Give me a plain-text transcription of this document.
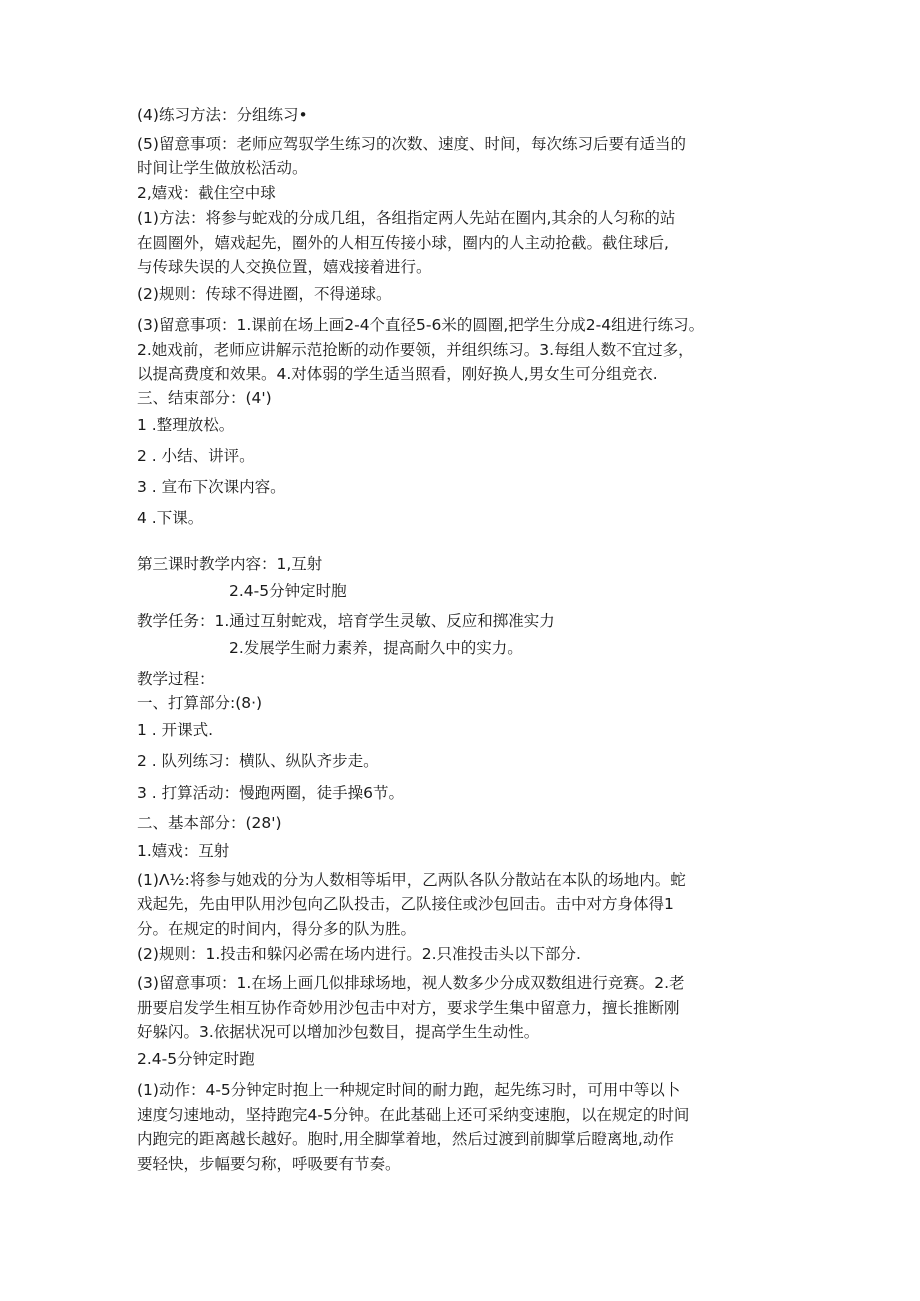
(4)练习方法：分组练习•

(5)留意事项：老师应驾驭学生练习的次数、速度、时间，每次练习后要有适当的

时间让学生做放松活动。

2,嬉戏：截住空中球

(1)方法：将参与蛇戏的分成几组，各组指定两人先站在圈内,其余的人匀称的站

在圆圈外，嬉戏起先，圈外的人相互传接小球，圈内的人主动抢截。截住球后,

与传球失误的人交换位置，嬉戏接着进行。

(2)规则：传球不得进圈，不得递球。

(3)留意事项：1.课前在场上画2-4个直径5-6米的圆圈,把学生分成2-4组进行练习。

2.她戏前，老师应讲解示范抢断的动作要领，并组织练习。3.每组人数不宜过多，

以提高费度和效果。4.对体弱的学生适当照看，刚好换人,男女生可分组竞衣.

三、结束部分：(4')

1 .整理放松。

2 . 小结、讲评。

3 . 宣布下次课内容。

4 .下课。

第三课时教学内容：1,互射

2.4-5分钟定时胞

教学任务：1.通过互射蛇戏，培育学生灵敏、反应和掷准实力

2.发展学生耐力素养，提高耐久中的实力。

教学过程：

一、打算部分:(8·)

1 . 开课式.

2 . 队列练习：横队、纵队齐步走。

3 . 打算活动：慢跑两圈，徒手操6节。

二、基本部分：(28')

1.嬉戏：互射

(1)Λ½:将参与她戏的分为人数相等垢甲，乙两队各队分散站在本队的场地内。蛇

戏起先，先由甲队用沙包向乙队投击，乙队接住或沙包回击。击中对方身体得1

分。在规定的时间内，得分多的队为胜。

(2)规则：1.投击和躲闪必需在场内进行。2.只准投击头以下部分.

(3)留意事项：1.在场上画几似排球场地，视人数多少分成双数组进行竞赛。2.老

册要启发学生相互协作奇妙用沙包击中对方，要求学生集中留意力，擅长推断刚

好躲闪。3.依据状况可以增加沙包数目，提高学生生动性。

2.4-5分钟定时跑

(1)动作：4-5分钟定时抱上一种规定时间的耐力跑，起先练习时，可用中等以卜

速度匀速地动，坚持跑完4-5分钟。在此基础上还可采纳变速胞，以在规定的时间

内跑完的距离越长越好。胞时,用全脚掌着地，然后过渡到前脚掌后瞪离地,动作

要轻快，步幅要匀称，呼吸要有节奏。
